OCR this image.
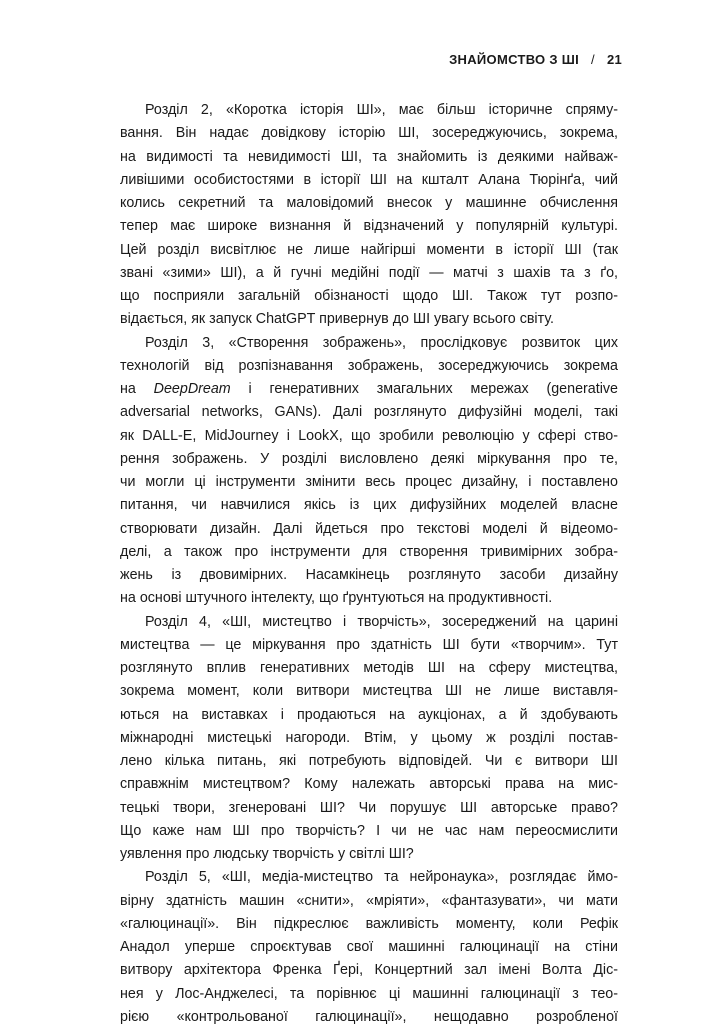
ЗНАЙОМСТВО З ШІ / 21
Розділ 2, «Коротка історія ШІ», має більш історичне спряму-
вання. Він надає довідкову історію ШІ, зосереджуючись, зокрема,
на видимості та невидимості ШІ, та знайомить із деякими найваж-
ливішими особистостями в історії ШІ на кшталт Алана Тюрінґа, чий
колись секретний та маловідомий внесок у машинне обчислення
тепер має широке визнання й відзначений у популярній культурі.
Цей розділ висвітлює не лише найгірші моменти в історії ШІ (так
звані «зими» ШІ), а й гучні медійні події — матчі з шахів та з ґо,
що посприяли загальній обізнаності щодо ШІ. Також тут розпо-
відається, як запуск ChatGPT привернув до ШІ увагу всього світу.
Розділ 3, «Створення зображень», прослідковує розвиток цих
технологій від розпізнавання зображень, зосереджуючись зокрема
на DeepDream і генеративних змагальних мережах (generative
adversarial networks, GANs). Далі розглянуто дифузійні моделі, такі
як DALL-E, MidJourney і LookX, що зробили революцію у сфері ство-
рення зображень. У розділі висловлено деякі міркування про те,
чи могли ці інструменти змінити весь процес дизайну, і поставлено
питання, чи навчилися якісь із цих дифузійних моделей власне
створювати дизайн. Далі йдеться про текстові моделі й відеомо-
делі, а також про інструменти для створення тривимірних зобра-
жень із двовимірних. Насамкінець розглянуто засоби дизайну
на основі штучного інтелекту, що ґрунтуються на продуктивності.
Розділ 4, «ШІ, мистецтво і творчість», зосереджений на царині
мистецтва — це міркування про здатність ШІ бути «творчим». Тут
розглянуто вплив генеративних методів ШІ на сферу мистецтва,
зокрема момент, коли витвори мистецтва ШІ не лише виставля-
ються на виставках і продаються на аукціонах, а й здобувають
міжнародні мистецькі нагороди. Втім, у цьому ж розділі постав-
лено кілька питань, які потребують відповідей. Чи є витвори ШІ
справжнім мистецтвом? Кому належать авторські права на мис-
тецькі твори, згенеровані ШІ? Чи порушує ШІ авторське право?
Що каже нам ШІ про творчість? І чи не час нам переосмислити
уявлення про людську творчість у світлі ШІ?
Розділ 5, «ШІ, медіа-мистецтво та нейронаука», розглядає ймо-
вірну здатність машин «снити», «мріяти», «фантазувати», чи мати
«галюцинації». Він підкреслює важливість моменту, коли Рефік
Анадол уперше спроєктував свої машинні галюцинації на стіни
витвору архітектора Френка Ґері, Концертний зал імені Волта Діс-
нея у Лос-Анджелесі, та порівнює ці машинні галюцинації з тео-
рією «контрольованої галюцинації», нещодавно розробленої
